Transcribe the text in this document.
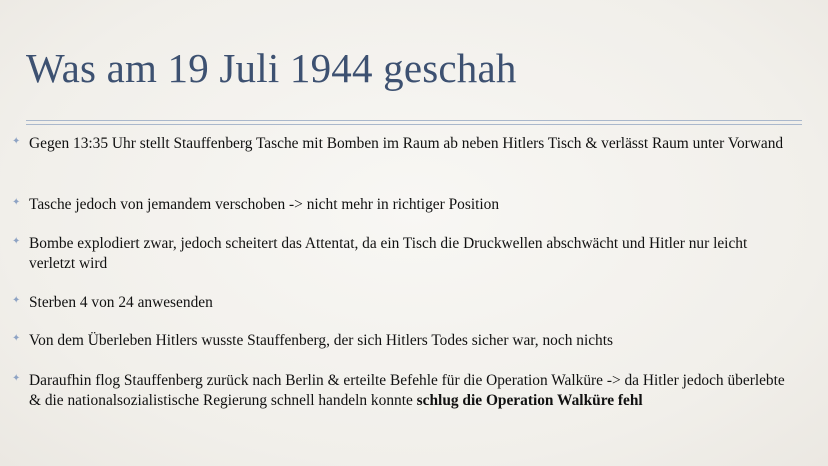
Was am 19 Juli 1944 geschah
✦ Gegen 13:35 Uhr stellt Stauffenberg Tasche mit Bomben im Raum ab neben Hitlers Tisch & verlässt Raum unter Vorwand
✦ Tasche jedoch von jemandem verschoben -> nicht mehr in richtiger Position
✦ Bombe explodiert zwar, jedoch scheitert das Attentat, da ein Tisch die Druckwellen abschwächt und Hitler nur leicht verletzt wird
✦ Sterben 4 von 24 anwesenden
✦ Von dem Überleben Hitlers wusste Stauffenberg, der sich Hitlers Todes sicher war, noch nichts
✦ Daraufhin flog Stauffenberg zurück nach Berlin & erteilte Befehle für die Operation Walküre -> da Hitler jedoch überlebte & die nationalsozialistische Regierung schnell handeln konnte schlug die Operation Walküre fehl
